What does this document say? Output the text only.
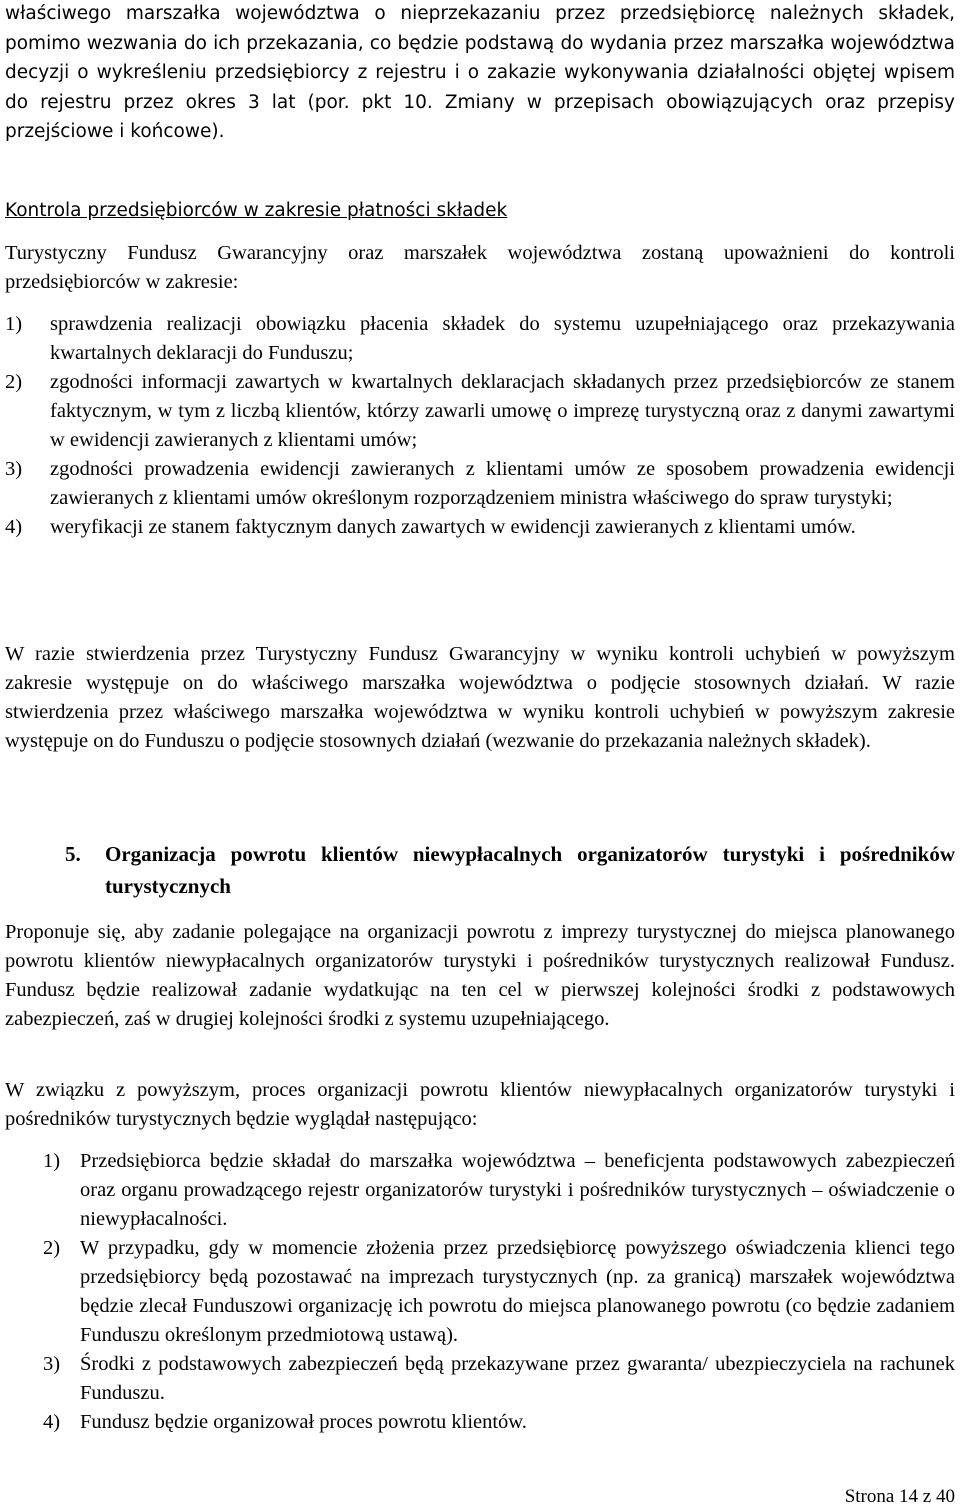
właściwego marszałka województwa o nieprzekazaniu przez przedsiębiorcę należnych składek, pomimo wezwania do ich przekazania, co będzie podstawą do wydania przez marszałka województwa decyzji o wykreśleniu przedsiębiorcy z rejestru i o zakazie wykonywania działalności objętej wpisem do rejestru przez okres 3 lat (por. pkt 10. Zmiany w przepisach obowiązujących oraz przepisy przejściowe i końcowe).

Kontrola przedsiębiorców w zakresie płatności składek

Turystyczny Fundusz Gwarancyjny oraz marszałek województwa zostaną upoważnieni do kontroli przedsiębiorców w zakresie:

1) sprawdzenia realizacji obowiązku płacenia składek do systemu uzupełniającego oraz przekazywania kwartalnych deklaracji do Funduszu;

2) zgodności informacji zawartych w kwartalnych deklaracjach składanych przez przedsiębiorców ze stanem faktycznym, w tym z liczbą klientów, którzy zawarli umowę o imprezę turystyczną oraz z danymi zawartymi w ewidencji zawieranych z klientami umów;

3) zgodności prowadzenia ewidencji zawieranych z klientami umów ze sposobem prowadzenia ewidencji zawieranych z klientami umów określonym rozporządzeniem ministra właściwego do spraw turystyki;

4) weryfikacji ze stanem faktycznym danych zawartych w ewidencji zawieranych z klientami umów.

W razie stwierdzenia przez Turystyczny Fundusz Gwarancyjny w wyniku kontroli uchybień w powyższym zakresie występuje on do właściwego marszałka województwa o podjęcie stosownych działań. W razie stwierdzenia przez właściwego marszałka województwa w wyniku kontroli uchybień w powyższym zakresie występuje on do Funduszu o podjęcie stosownych działań (wezwanie do przekazania należnych składek).

5.	Organizacja powrotu klientów niewypłacalnych organizatorów turystyki i pośredników turystycznych

Proponuje się, aby zadanie polegające na organizacji powrotu z imprezy turystycznej do miejsca planowanego powrotu klientów niewypłacalnych organizatorów turystyki i pośredników turystycznych realizował Fundusz. Fundusz będzie realizował zadanie wydatkując na ten cel w pierwszej kolejności środki z podstawowych zabezpieczeń, zaś w drugiej kolejności środki z systemu uzupełniającego.

W związku z powyższym, proces organizacji powrotu klientów niewypłacalnych organizatorów turystyki i pośredników turystycznych będzie wyglądał następująco:

1) Przedsiębiorca będzie składał do marszałka województwa – beneficjenta podstawowych zabezpieczeń oraz organu prowadzącego rejestr organizatorów turystyki i pośredników turystycznych – oświadczenie o niewypłacalności.

2) W przypadku, gdy w momencie złożenia przez przedsiębiorcę powyższego oświadczenia klienci tego przedsiębiorcy będą pozostawać na imprezach turystycznych (np. za granicą) marszałek województwa będzie zlecał Funduszowi organizację ich powrotu do miejsca planowanego powrotu (co będzie zadaniem Funduszu określonym przedmiotową ustawą).

3) Środki z podstawowych zabezpieczeń będą przekazywane przez gwaranta/ ubezpieczyciela na rachunek Funduszu.

4) Fundusz będzie organizował proces powrotu klientów.

Strona 14 z 40
